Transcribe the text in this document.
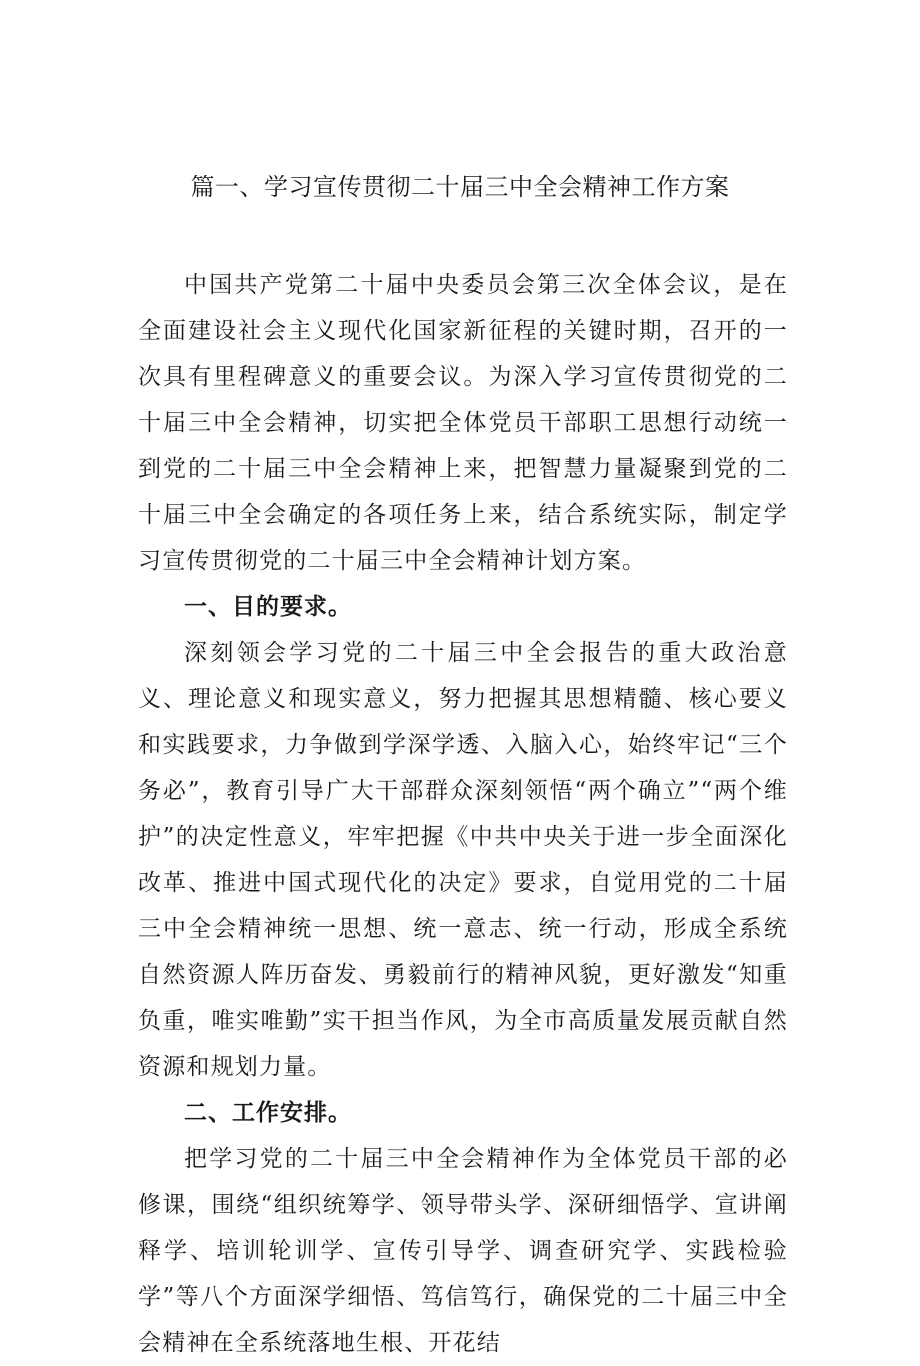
篇一、学习宣传贯彻二十届三中全会精神工作方案

中国共产党第二十届中央委员会第三次全体会议，是在全面建设社会主义现代化国家新征程的关键时期，召开的一次具有里程碑意义的重要会议。为深入学习宣传贯彻党的二十届三中全会精神，切实把全体党员干部职工思想行动统一到党的二十届三中全会精神上来，把智慧力量凝聚到党的二十届三中全会确定的各项任务上来，结合系统实际，制定学习宣传贯彻党的二十届三中全会精神计划方案。

一、目的要求。

深刻领会学习党的二十届三中全会报告的重大政治意义、理论意义和现实意义，努力把握其思想精髓、核心要义和实践要求，力争做到学深学透、入脑入心，始终牢记“三个务必”，教育引导广大干部群众深刻领悟“两个确立”“两个维护”的决定性意义，牢牢把握《中共中央关于进一步全面深化改革、推进中国式现代化的决定》要求，自觉用党的二十届三中全会精神统一思想、统一意志、统一行动，形成全系统自然资源人阵历奋发、勇毅前行的精神风貌，更好激发“知重负重，唯实唯勤”实干担当作风，为全市高质量发展贡献自然资源和规划力量。

二、工作安排。

把学习党的二十届三中全会精神作为全体党员干部的必修课，围绕“组织统筹学、领导带头学、深研细悟学、宣讲阐释学、培训轮训学、宣传引导学、调查研究学、实践检验学”等八个方面深学细悟、笃信笃行，确保党的二十届三中全会精神在全系统落地生根、开花结
